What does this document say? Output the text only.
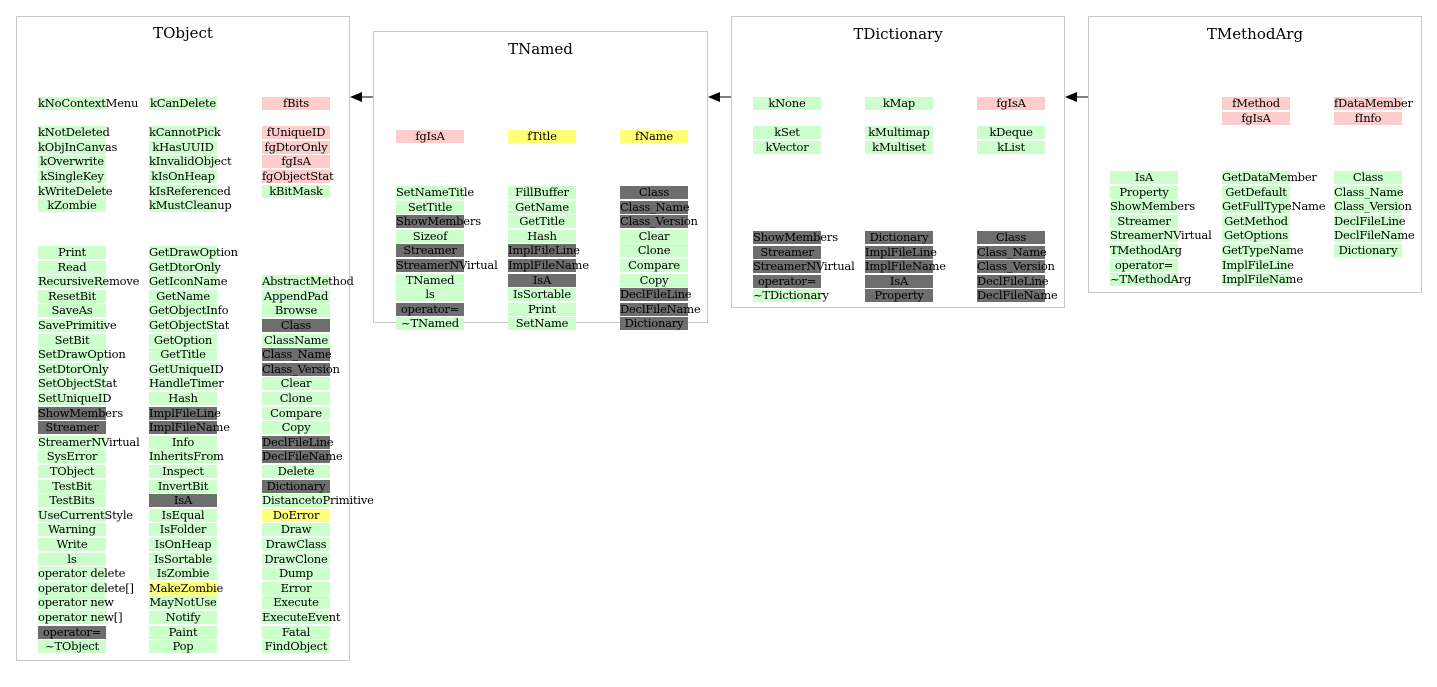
TObject
kNoContextMenu
kNotDeleted
kObjInCanvas
kOverwrite
kSingleKey
kWriteDelete
kZombie
kCanDelete
kCannotPick
kHasUUID
kInvalidObject
kIsOnHeap
kIsReferenced
kMustCleanup
fBits
fUniqueID
fgDtorOnly
fgIsA
fgObjectStat
kBitMask
Print
Read
RecursiveRemove
ResetBit
SaveAs
SavePrimitive
SetBit
SetDrawOption
SetDtorOnly
SetObjectStat
SetUniqueID
ShowMembers
Streamer
StreamerNVirtual
SysError
TObject
TestBit
TestBits
UseCurrentStyle
Warning
Write
ls
operator delete
operator delete[]
operator new
operator new[]
operator=
~TObject
GetDrawOption
GetDtorOnly
GetIconName
GetName
GetObjectInfo
GetObjectStat
GetOption
GetTitle
GetUniqueID
HandleTimer
Hash
ImplFileLine
ImplFileName
Info
InheritsFrom
Inspect
InvertBit
IsA
IsEqual
IsFolder
IsOnHeap
IsSortable
IsZombie
MakeZombie
MayNotUse
Notify
Paint
Pop
AbstractMethod
AppendPad
Browse
Class
ClassName
Class_Name
Class_Version
Clear
Clone
Compare
Copy
DeclFileLine
DeclFileName
Delete
Dictionary
DistancetoPrimitive
DoError
Draw
DrawClass
DrawClone
Dump
Error
Execute
ExecuteEvent
Fatal
FindObject
TNamed
fgIsA	fTitle	fName
SetNameTitle
SetTitle
ShowMembers
Sizeof
Streamer
StreamerNVirtual
TNamed
ls
operator=
~TNamed
FillBuffer
GetName
GetTitle
Hash
ImplFileLine
ImplFileName
IsA
IsSortable
Print
SetName
Class
Class_Name
Class_Version
Clear
Clone
Compare
Copy
DeclFileLine
DeclFileName
Dictionary
TDictionary
kNone
kSet
kVector
kMap
kMultimap
kMultiset
fgIsA
kDeque
kList
ShowMembers
Streamer
StreamerNVirtual
operator=
~TDictionary
Dictionary
ImplFileLine
ImplFileName
IsA
Property
Class
Class_Name
Class_Version
DeclFileLine
DeclFileName
TMethodArg
fMethod
fgIsA
fDataMember
fInfo
IsA
Property
ShowMembers
Streamer
StreamerNVirtual
TMethodArg
operator=
~TMethodArg
GetDataMember
GetDefault
GetFullTypeName
GetMethod
GetOptions
GetTypeName
ImplFileLine
ImplFileName
Class
Class_Name
Class_Version
DeclFileLine
DeclFileName
Dictionary
